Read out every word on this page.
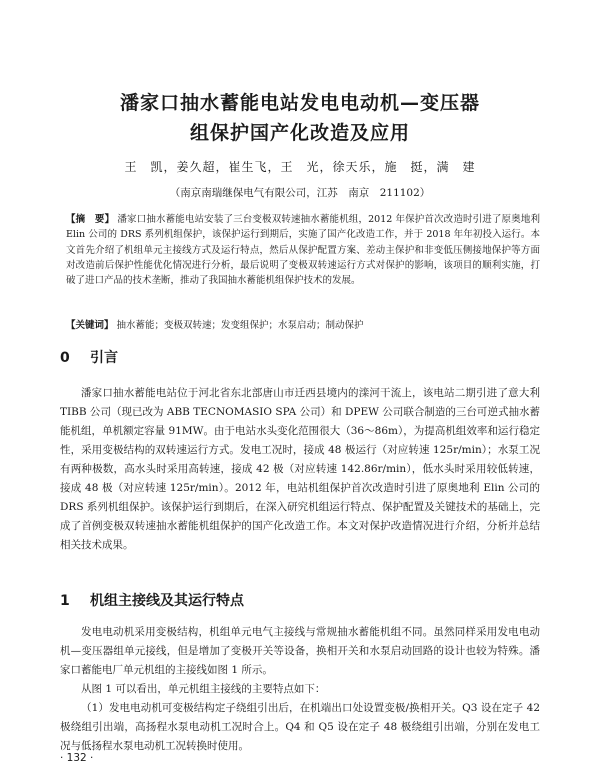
潘家口抽水蓄能电站发电电动机—变压器
组保护国产化改造及应用
王　凯，姜久超，崔生飞，王　光，徐天乐，施　挺，满　建
（南京南瑞继保电气有限公司，江苏　南京　211102）

【摘　要】 潘家口抽水蓄能电站安装了三台变极双转速抽水蓄能机组，2012 年保护首次改造时引进了原奥地利 Elin 公司的 DRS 系列机组保护，该保护运行到期后，实施了国产化改造工作，并于 2018 年年初投入运行。本文首先介绍了机组单元主接线方式及运行特点，然后从保护配置方案、差动主保护和非变低压侧接地保护等方面对改造前后保护性能优化情况进行分析，最后说明了变极双转速运行方式对保护的影响，该项目的顺利实施，打破了进口产品的技术垄断，推动了我国抽水蓄能机组保护技术的发展。

【关键词】 抽水蓄能；变极双转速；发变组保护；水泵启动；制动保护

0 引言

潘家口抽水蓄能电站位于河北省东北部唐山市迁西县境内的滦河干流上，该电站二期引进了意大利 TIBB 公司（现已改为 ABB TECNOMASIO SPA 公司）和 DPEW 公司联合制造的三台可逆式抽水蓄能机组，单机额定容量 91MW。由于电站水头变化范围很大（36～86m），为提高机组效率和运行稳定性，采用变极结构的双转速运行方式。发电工况时，接成 48 极运行（对应转速 125r/min）；水泵工况有两种极数，高水头时采用高转速，接成 42 极（对应转速 142.86r/min），低水头时采用较低转速，接成 48 极（对应转速 125r/min）。2012 年，电站机组保护首次改造时引进了原奥地利 Elin 公司的 DRS 系列机组保护。该保护运行到期后，在深入研究机组运行特点、保护配置及关键技术的基础上，完成了首例变极双转速抽水蓄能机组保护的国产化改造工作。本文对保护改造情况进行介绍，分析并总结相关技术成果。

1 机组主接线及其运行特点

发电电动机采用变极结构，机组单元电气主接线与常规抽水蓄能机组不同。虽然同样采用发电电动机—变压器组单元接线，但是增加了变极开关等设备，换相开关和水泵启动回路的设计也较为特殊。潘家口蓄能电厂单元机组的主接线如图 1 所示。

从图 1 可以看出，单元机组主接线的主要特点如下：

（1）发电电动机可变极结构定子绕组引出后，在机端出口处设置变极/换相开关。Q3 设在定子 42 极绕组引出端，高扬程水泵电动机工况时合上。Q4 和 Q5 设在定子 48 极绕组引出端，分别在发电工况与低扬程水泵电动机工况转换时使用。

· 132 ·
